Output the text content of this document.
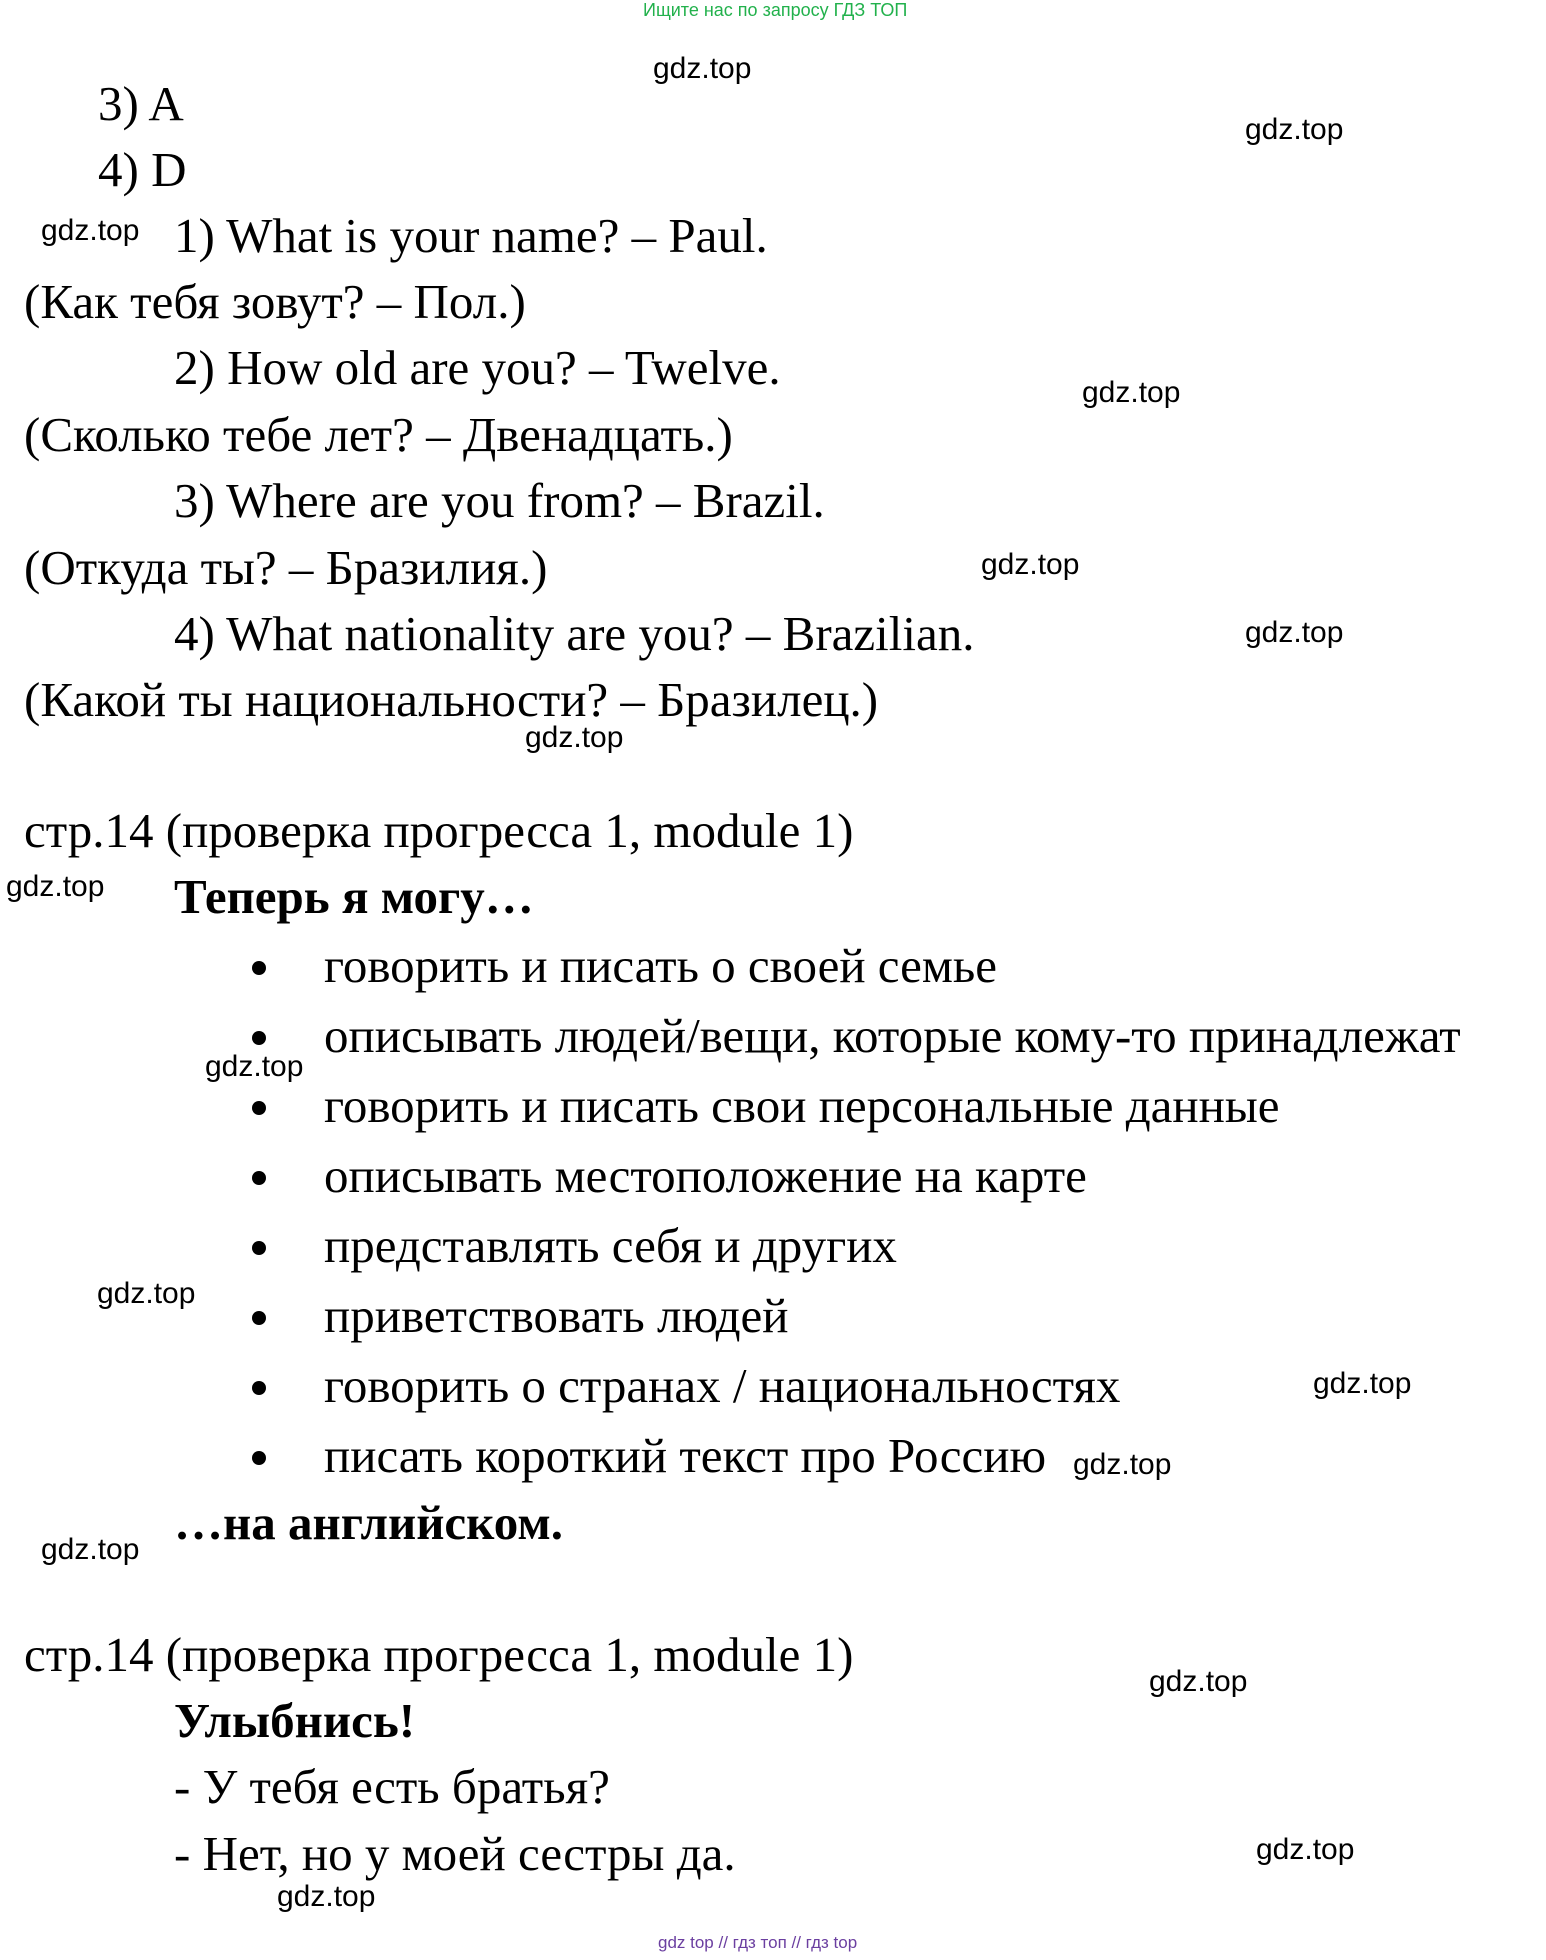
Ищите нас по запросу ГДЗ ТОП
gdz top // гдз топ // гдз top
3) A
4) D
1) What is your name? – Paul.
(Как тебя зовут? – Пол.)
2) How old are you? – Twelve.
(Сколько тебе лет? – Двенадцать.)
3) Where are you from? – Brazil.
(Откуда ты? – Бразилия.)
4) What nationality are you? – Brazilian.
(Какой ты национальности? – Бразилец.)
стр.14 (проверка прогресса 1, module 1)
Теперь я могу…
говорить и писать о своей семье
описывать людей/вещи, которые кому-то принадлежат
говорить и писать свои персональные данные
описывать местоположение на карте
представлять себя и других
приветствовать людей
говорить о странах / национальностях
писать короткий текст про Россию
…на английском.
стр.14 (проверка прогресса 1, module 1)
Улыбнись!
- У тебя есть братья?
- Нет, но у моей сестры да.
gdz.top
gdz.top
gdz.top
gdz.top
gdz.top
gdz.top
gdz.top
gdz.top
gdz.top
gdz.top
gdz.top
gdz.top
gdz.top
gdz.top
gdz.top
gdz.top
